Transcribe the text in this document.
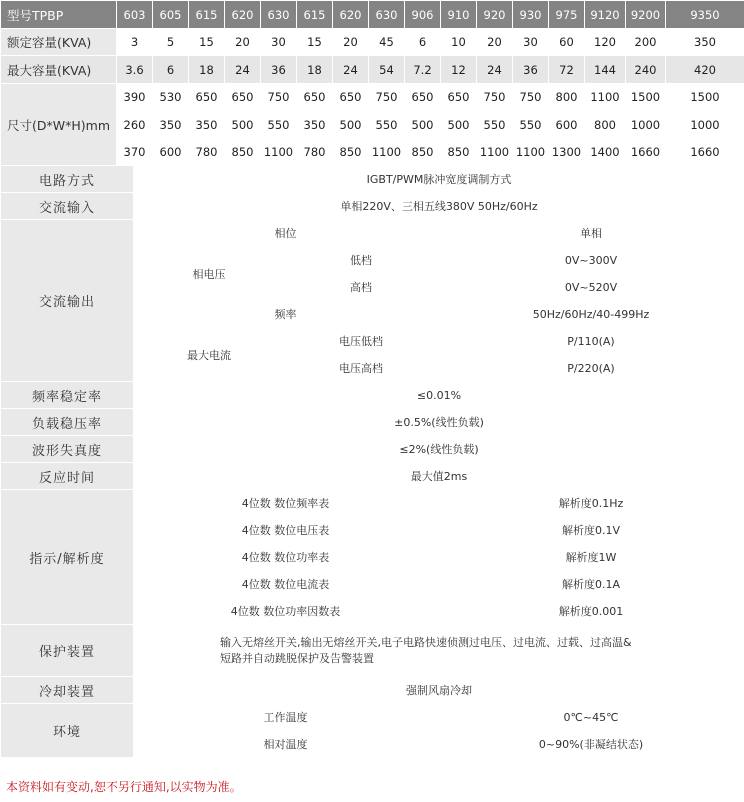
型号TPBP	603	605	615	620	630	615	620	630	906	910	920	930	975	9120	9200	9350
额定容量(KVA)	3	5	15	20	30	15	20	45	6	10	20	30	60	120	200	350
最大容量(KVA)	3.6	6	18	24	36	18	24	54	7.2	12	24	36	72	144	240	420
尺寸(D*W*H)mm	390	530	650	650	750	650	650	750	650	650	750	750	800	1100	1500	1500
	260	350	350	500	550	350	500	550	500	500	550	550	600	800	1000	1000
	370	600	780	850	1100	780	850	1100	850	850	1100	1100	1300	1400	1660	1660
电路方式	IGBT/PWM脉冲宽度调制方式		
交流输入	单相220V、三相五线380V 50Hz/60Hz		
交流输出	相位		单相
	相电压	低档	0V~300V
		高档	0V~520V
	频率		50Hz/60Hz/40-499Hz
	最大电流	电压低档	P/110(A)
		电压高档	P/220(A)
频率稳定率	≤0.01%		
负载稳压率	±0.5%(线性负载)		
波形失真度	≤2%(线性负载)		
反应时间	最大值2ms		
指示/解析度	4位数 数位频率表		解析度0.1Hz
	4位数 数位电压表		解析度0.1V
	4位数 数位功率表		解析度1W
	4位数 数位电流表		解析度0.1A
	4位数 数位功率因数表		解析度0.001
保护装置	输入无熔丝开关,输出无熔丝开关,电子电路快速侦测过电压、过电流、过载、过高温&
短路并自动跳脱保护及告警装置		

冷却装置	强制风扇冷却		
环境	工作温度		0℃~45℃
	相对温度		0~90%(非凝结状态)
本资料如有变动,恕不另行通知,以实物为准。
